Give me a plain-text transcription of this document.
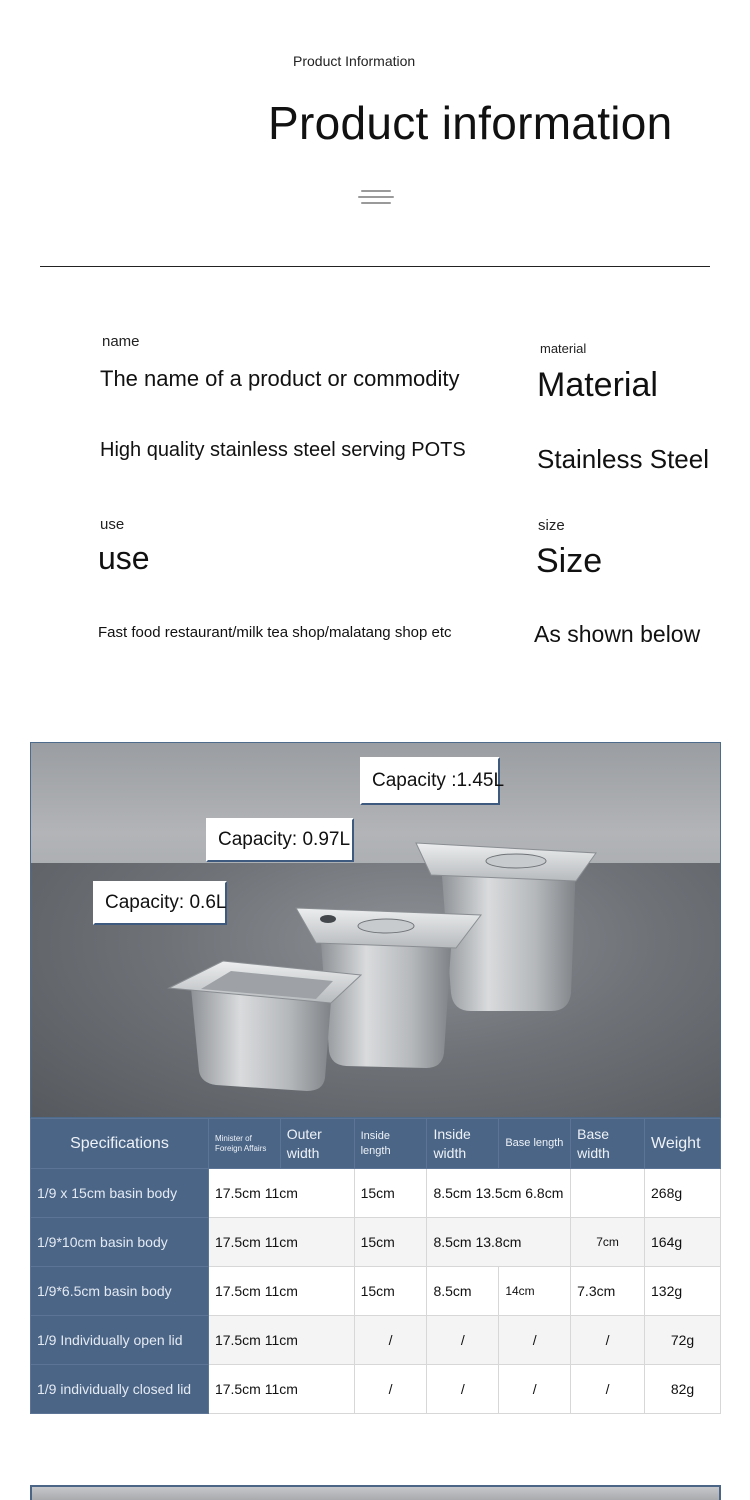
Product Information
Product information
name
The name of a product or commodity
High quality stainless steel serving POTS
material
Material
Stainless Steel
use
use
Fast food restaurant/milk tea shop/malatang shop etc
size
Size
As shown below
Capacity :1.45L
Capacity: 0.97L
Capacity: 0.6L
Specifications	Minister of Foreign Affairs	Outer width	Inside length	Inside width	Base length	Base width	Weight
1/9 x 15cm basin body	17.5cm 11cm		15cm	8.5cm 13.5cm 6.8cm			268g
1/9*10cm basin body	17.5cm 11cm		15cm	8.5cm 13.8cm		7cm	164g
1/9*6.5cm basin body	17.5cm 11cm		15cm	8.5cm	14cm	7.3cm	132g
1/9 Individually open lid	17.5cm 11cm		/	/	/	/	72g
1/9 individually closed lid	17.5cm 11cm		/	/	/	/	82g
